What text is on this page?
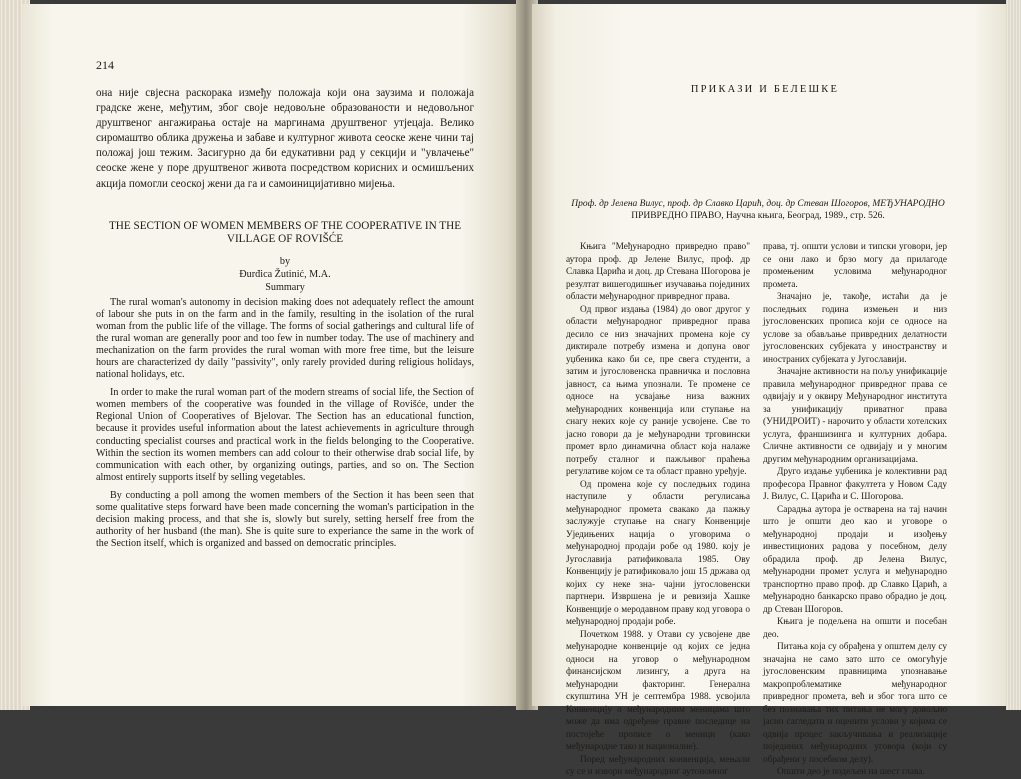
214

она није свјесна раскорака између положаја који она заузима и положаја градске жене, међутим, због своје недовољне образованости и недовољног друштвеног ангажирања остаје на маргинама друштвеног утјецаја. Велико сиромаштво облика дружења и забаве и културног живота сеоске жене чини тај положај још тежим. Засигурно да би едукативни рад у секцији и "увлачење" сеоске жене у поре друштвеног живота посредством корисних и осмишљених акција помогли сеоској жени да га и самоиницијативно мијења.

THE SECTION OF WOMEN MEMBERS OF THE COOPERATIVE IN THE
VILLAGE OF ROVIŠĆE
by
Đurđica Žutinić, M.A.
Summary

The rural woman's autonomy in decision making does not adequately reflect the amount of labour she puts in on the farm and in the family, resulting in the isolation of the rural woman from the public life of the village. The forms of social gatherings and cultural life of the rural woman are generally poor and too few in number today. The use of machinery and mechanization on the farm provides the rural woman with more free time, but the leisure hours are characterized dy daily "passivity", only rarely provided during religious holidays, national holidays, etc.

In order to make the rural woman part of the modern streams of social life, the Section of women members of the cooperative was founded in the village of Rovišće, under the Regional Union of Cooperatives of Bjelovar. The Section has an educational function, because it provides useful information about the latest achievements in agriculture through conducting specialist courses and practical work in the fields belonging to the Cooperative. Within the section its women members can add colour to their otherwise drab social life, by communication with each other, by organizing outings, parties, and so on. The Section almost entirely supports itself by selling vegetables.

By conducting a poll among the women members of the Section it has been seen that some qualitative steps forward have been made concerning the woman's participation in the decision making process, and that she is, slowly but surely, setting herself free from the authority of her husband (the man). She is quite sure to experiance the same in the work of the Section itself, which is organized and bassed on democratic principles.

ПРИКАЗИ И БЕЛЕШКЕ
Проф. др Јелена Вилус, проф. др Славко Царић, доц. др Стеван Шогоров, МЕЂУНАРОДНО
ПРИВРЕДНО ПРАВО, Научна књига, Београд, 1989., стр. 526.

Књига "Међународно привредно право" аутора проф. др Јелене Вилус, проф. др Славка Царића и доц. др Стевана Шогорова је резултат вишегодишњег изучавања појединих области међународног привредног права.

Од првог издања (1984) до овог другог у области међународног привредног права десило се низ значајних промена које су диктирале потребу измена и допуна овог уџбеника како би се, пре свега студенти, а затим и југословенска правничка и пословна јавност, са њима упознали. Те промене се односе на усвајање низа важних међународних конвенција или ступање на снагу неких које су раније усвојене. Све то јасно говори да је међународни трговински промет врло динамична област која налаже потребу сталног и пажљивог праћења регулативе којом се та област правно уређује.

Од промена које су последњих година наступиле у области регулисања међународног промета свакако да пажњу заслужује ступање на снагу Конвенције Уједињених нација о уговорима о међународној продаји робе од 1980. коју је Југославија ратификовала 1985. Ову Конвенцију је ратификовало још 15 држава од којих су неке зна- чајни југословенски партнери. Извршена је и ревизија Хашке Конвенције о меродавном праву код уговора о међународној продаји робе.

Почетком 1988. у Отави су усвојене две међународне конвенције од којих се једна односи на уговор о међународном финансијском лизингу, а друга на међународни факторинг. Генерална скупштина УН је септембра 1988. усвојила Конвенцију о међународним меницама што може да има одређене правне последице на постојеће прописе о меници (како међународне тако и националне).

Поред међународних конвенција, мењали су се и извори међународног аутономног

права, тј. општи услови и типски уговори, јер се они лако и брзо могу да прилагоде промењеним условима међународног промета.

Значајно је, такође, истаћи да је последњих година измењен и низ југословенских прописа који се односе на услове за обављање привредних делатности југословенских субјеката у иностранству и иностраних субјеката у Југославији.

Значајне активности на пољу унификације правила међународног привредног права се одвијају и у оквиру Међународног института за унификацију приватног права (УНИДРОИТ) - нарочито у области хотелских услуга, франшизинга и културних добара. Сличне активности се одвијају и у многим другим међународним организацијама.

Друго издање уџбеника је колективни рад професора Правног факултета у Новом Саду Ј. Вилус, С. Царића и С. Шогорова.

Сарадња аутора је остварена на тај начин што је општи део као и уговоре о међународној продаји и изођењу инвестиционих радова у посебном, делу обрадила проф. др Јелена Вилус, међународни промет услуга и међународно транспортно право проф. др Славко Царић, а међународно банкарско право обрадио је доц. др Стеван Шогоров.

Књига је подељена на општи и посебан део.

Питања која су обрађена у општем делу су значајна не само зато што се омогућује југословенским правницима упознавање макропроблематике међународног привредног промета, већ и због тога што се без познавања тих питања не могу довољно јасно сагледати и оценити услови у којима се одвија процес закључивања и реализације појединих међународних уговора (који су обрађени у посебном делу).

Општи део је подељен на шест глава.
